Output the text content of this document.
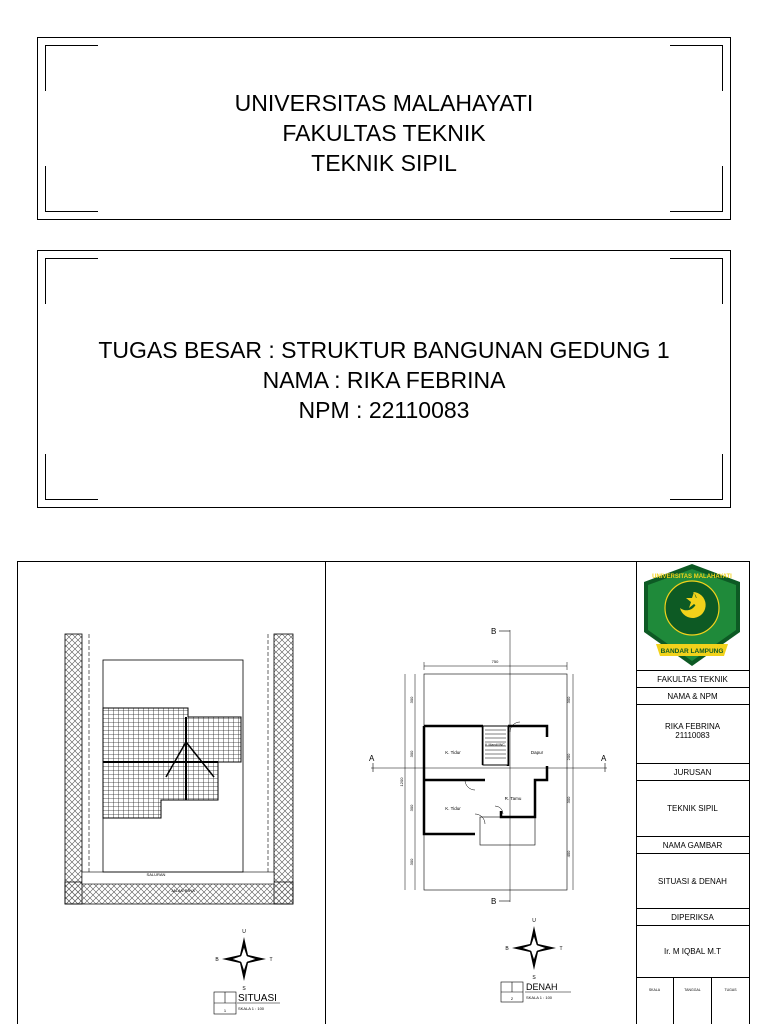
UNIVERSITAS MALAHAYATI
FAKULTAS TEKNIK
TEKNIK SIPIL
TUGAS BESAR : STRUKTUR BANGUNAN GEDUNG 1
NAMA : RIKA FEBRINA
NPM : 22110083
SALURAN
JALAN RAYA
U
S
T
B
1
SITUASI
SKALA 1 : 100
750
1200
300
300
300
300
300
200
300
400
B
B
A	A
K. Tidur
K.Mandi/WC
Dapur
R. Tamu
K. Tidur
U
S
T
B
2
DENAH
SKALA 1 : 100
UNIVERSITAS MALAHAYATI
BANDAR LAMPUNG
FAKULTAS TEKNIK
NAMA & NPM
RIKA FEBRINA
21110083
JURUSAN
TEKNIK SIPIL
NAMA GAMBAR
SITUASI & DENAH
DIPERIKSA
Ir. M IQBAL M.T
SKALA	TANGGAL	TUGAS
